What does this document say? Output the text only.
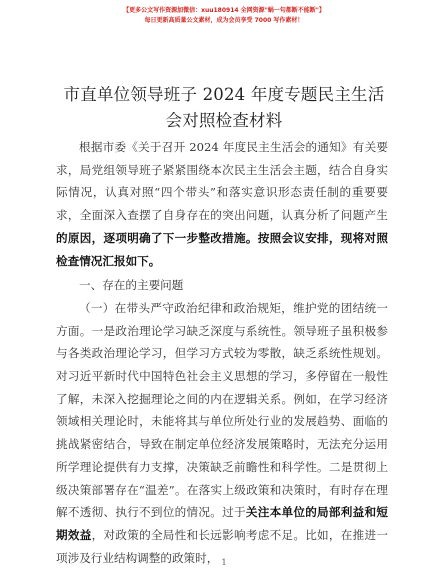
【更多公文写作资源加微信：xuu180914 全网资源"蜗一句都断不能断"】
每日更新高质量公文素材，成为会员享受 7000 写作素材！
市直单位领导班子 2024 年度专题民主生活会对照检查材料

根据市委《关于召开 2024 年度民主生活会的通知》有关要求，局党组领导班子紧紧围绕本次民主生活会主题，结合自身实际情况，认真对照“四个带头”和落实意识形态责任制的重要要求，全面深入查摆了自身存在的突出问题，认真分析了问题产生的原因，逐项明确了下一步整改措施。按照会议安排，现将对照检查情况汇报如下。

一、存在的主要问题

（一）在带头严守政治纪律和政治规矩，维护党的团结统一方面。一是政治理论学习缺乏深度与系统性。领导班子虽积极参与各类政治理论学习，但学习方式较为零散，缺乏系统性规划。对习近平新时代中国特色社会主义思想的学习，多停留在一般性了解，未深入挖掘理论之间的内在逻辑关系。例如，在学习经济领域相关理论时，未能将其与单位所处行业的发展趋势、面临的挑战紧密结合，导致在制定单位经济发展策略时，无法充分运用所学理论提供有力支撑，决策缺乏前瞻性和科学性。二是贯彻上级决策部署存在“温差”。在落实上级政策和决策时，有时存在理解不透彻、执行不到位的情况。过于关注本单位的局部利益和短期效益，对政策的全局性和长远影响考虑不足。比如，在推进一项涉及行业结构调整的政策时， 1
